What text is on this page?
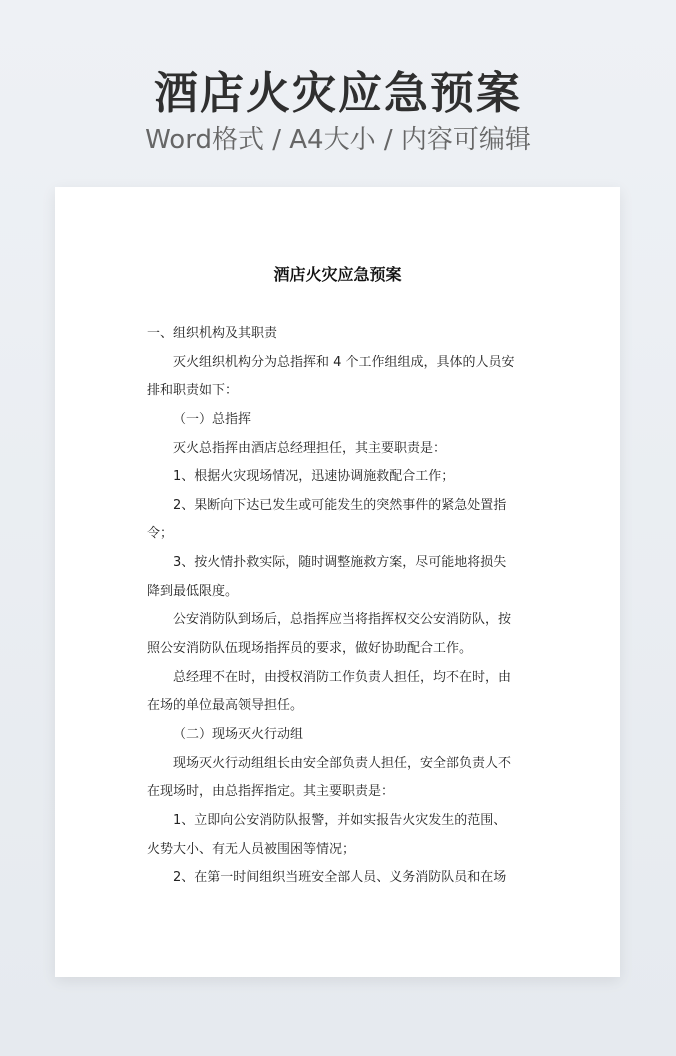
酒店火灾应急预案
Word格式 / A4大小 / 内容可编辑
酒店火灾应急预案
一、组织机构及其职责
灭火组织机构分为总指挥和 4 个工作组组成，具体的人员安
排和职责如下：
（一）总指挥
灭火总指挥由酒店总经理担任，其主要职责是：
1、根据火灾现场情况，迅速协调施救配合工作；
2、果断向下达已发生或可能发生的突然事件的紧急处置指
令；
3、按火情扑救实际，随时调整施救方案，尽可能地将损失
降到最低限度。
公安消防队到场后，总指挥应当将指挥权交公安消防队，按
照公安消防队伍现场指挥员的要求，做好协助配合工作。
总经理不在时，由授权消防工作负责人担任，均不在时，由
在场的单位最高领导担任。
（二）现场灭火行动组
现场灭火行动组组长由安全部负责人担任，安全部负责人不
在现场时，由总指挥指定。其主要职责是：
1、立即向公安消防队报警，并如实报告火灾发生的范围、
火势大小、有无人员被围困等情况；
2、在第一时间组织当班安全部人员、义务消防队员和在场
